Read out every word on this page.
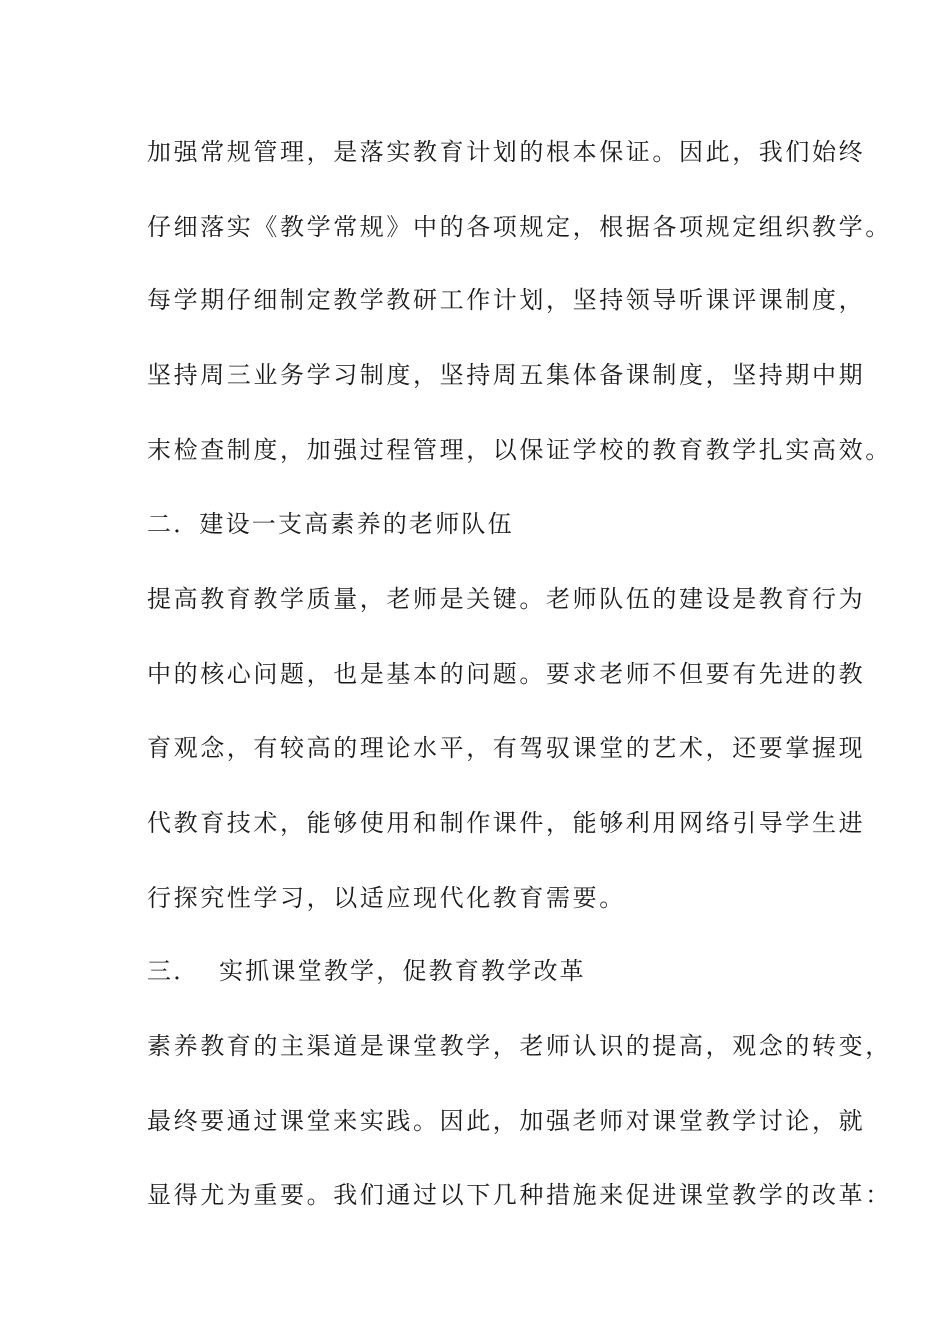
加强常规管理，是落实教育计划的根本保证。因此，我们始终
仔细落实《教学常规》中的各项规定，根据各项规定组织教学。
每学期仔细制定教学教研工作计划，坚持领导听课评课制度，
坚持周三业务学习制度，坚持周五集体备课制度，坚持期中期
末检查制度，加强过程管理，以保证学校的教育教学扎实高效。
二．建设一支高素养的老师队伍
提高教育教学质量，老师是关键。老师队伍的建设是教育行为
中的核心问题，也是基本的问题。要求老师不但要有先进的教
育观念，有较高的理论水平，有驾驭课堂的艺术，还要掌握现
代教育技术，能够使用和制作课件，能够利用网络引导学生进
行探究性学习，以适应现代化教育需要。
三．  实抓课堂教学，促教育教学改革
素养教育的主渠道是课堂教学，老师认识的提高，观念的转变，
最终要通过课堂来实践。因此，加强老师对课堂教学讨论，就
显得尤为重要。我们通过以下几种措施来促进课堂教学的改革：
